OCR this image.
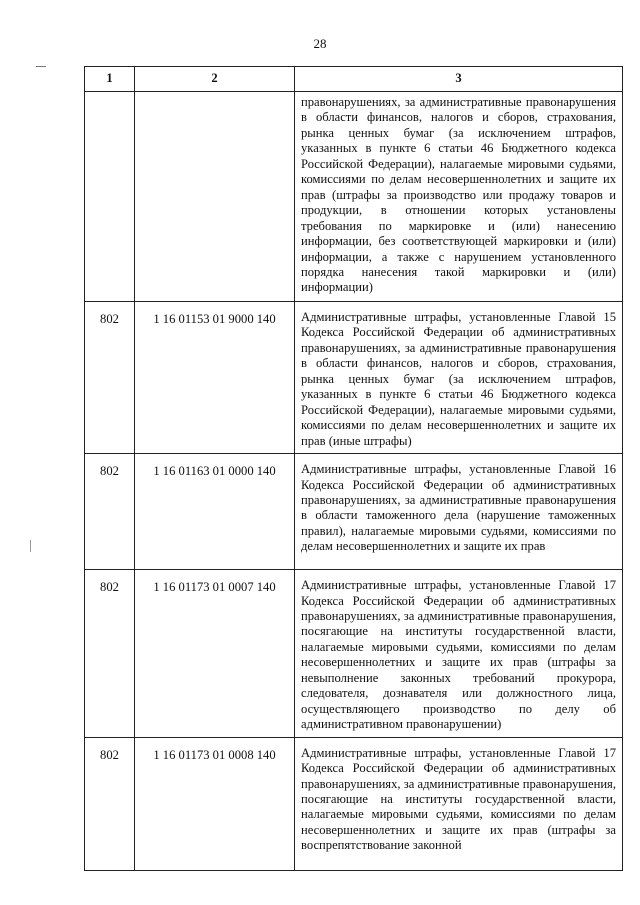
28
1	2	3

		правонарушениях, за административные правонарушения в области финансов, налогов и сборов, страхования, рынка ценных бумаг (за исключением штрафов, указанных в пункте 6 статьи 46 Бюджетного кодекса Российской Федерации), налагаемые мировыми судьями, комиссиями по делам несовершеннолетних и защите их прав (штрафы за производство или продажу товаров и продукции, в отношении которых установлены требования по маркировке и (или) нанесению информации, без соответствующей маркировки и (или) информации, а также с нарушением установленного порядка нанесения такой маркировки и (или) информации)

802	1 16 01153 01 9000 140	Административные штрафы, установленные Главой 15 Кодекса Российской Федерации об административных правонарушениях, за административные правонарушения в области финансов, налогов и сборов, страхования, рынка ценных бумаг (за исключением штрафов, указанных в пункте 6 статьи 46 Бюджетного кодекса Российской Федерации), налагаемые мировыми судьями, комиссиями по делам несовершеннолетних и защите их прав (иные штрафы)

802	1 16 01163 01 0000 140	Административные штрафы, установленные Главой 16 Кодекса Российской Федерации об административных правонарушениях, за административные правонарушения в области таможенного дела (нарушение таможенных правил), налагаемые мировыми судьями, комиссиями по делам несовершеннолетних и защите их прав

802	1 16 01173 01 0007 140	Административные штрафы, установленные Главой 17 Кодекса Российской Федерации об административных правонарушениях, за административные правонарушения, посягающие на институты государственной власти, налагаемые мировыми судьями, комиссиями по делам несовершеннолетних и защите их прав (штрафы за невыполнение законных требований прокурора, следователя, дознавателя или должностного лица, осуществляющего производство по делу об административном правонарушении)

802	1 16 01173 01 0008 140	Административные штрафы, установленные Главой 17 Кодекса Российской Федерации об административных правонарушениях, за административные правонарушения, посягающие на институты государственной власти, налагаемые мировыми судьями, комиссиями по делам несовершеннолетних и защите их прав (штрафы за воспрепятствование законной
